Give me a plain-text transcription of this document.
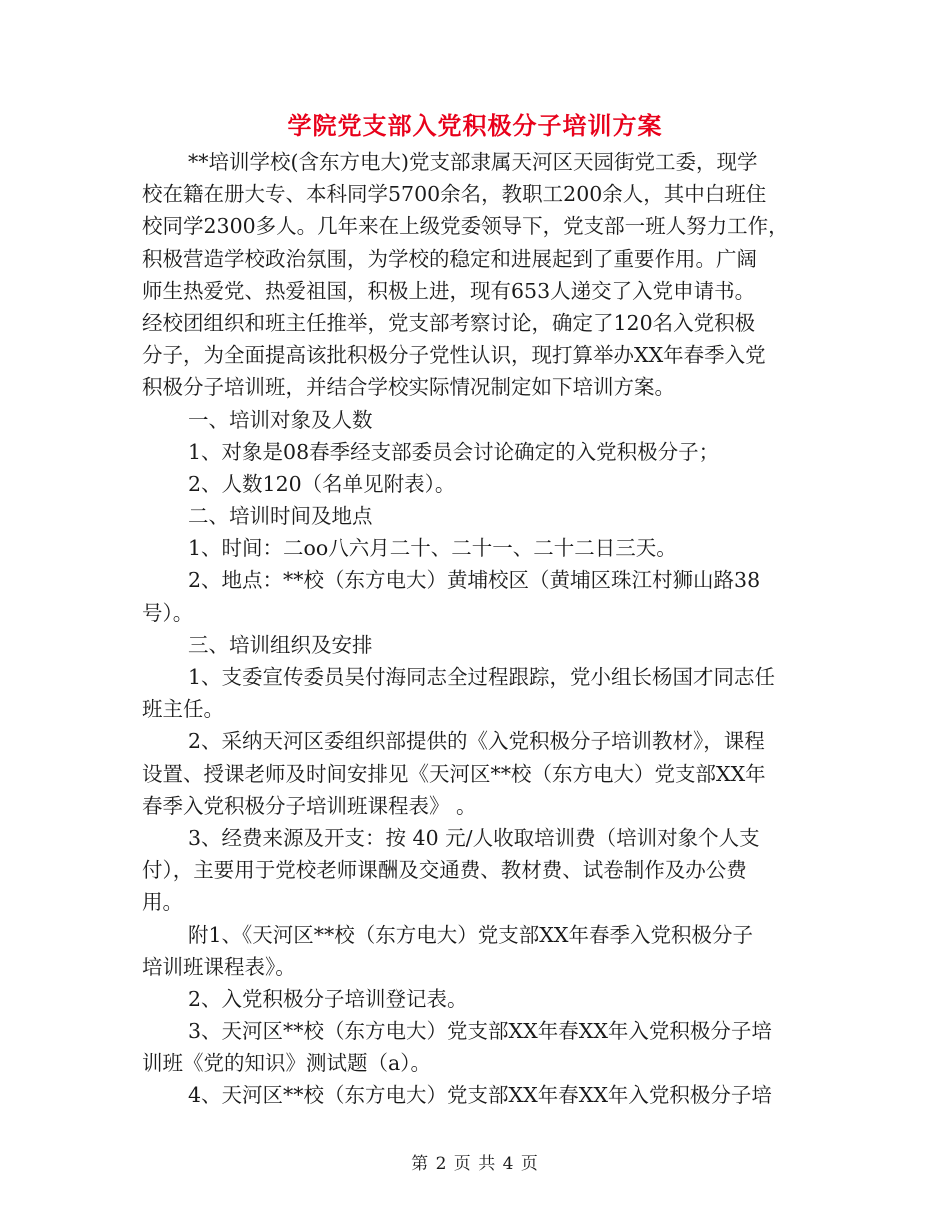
学院党支部入党积极分子培训方案
**培训学校(含东方电大)党支部隶属天河区天园街党工委，现学
校在籍在册大专、本科同学5700余名，教职工200余人，其中白班住
校同学2300多人。几年来在上级党委领导下，党支部一班人努力工作，
积极营造学校政治氛围，为学校的稳定和进展起到了重要作用。广阔
师生热爱党、热爱祖国，积极上进，现有653人递交了入党申请书。
经校团组织和班主任推举，党支部考察讨论，确定了120名入党积极
分子，为全面提高该批积极分子党性认识，现打算举办XX年春季入党
积极分子培训班，并结合学校实际情况制定如下培训方案。
一、培训对象及人数
1、对象是08春季经支部委员会讨论确定的入党积极分子；
2、人数120（名单见附表）。
二、培训时间及地点
1、时间：二oo八六月二十、二十一、二十二日三天。
2、地点：**校（东方电大）黄埔校区（黄埔区珠江村狮山路38
号）。
三、培训组织及安排
1、支委宣传委员吴付海同志全过程跟踪，党小组长杨国才同志任
班主任。
2、采纳天河区委组织部提供的《入党积极分子培训教材》，课程
设置、授课老师及时间安排见《天河区**校（东方电大）党支部XX年
春季入党积极分子培训班课程表》 。
3、经费来源及开支：按 40 元/人收取培训费（培训对象个人支
付），主要用于党校老师课酬及交通费、教材费、试卷制作及办公费
用。
附1、《天河区**校（东方电大）党支部XX年春季入党积极分子
培训班课程表》。
2、入党积极分子培训登记表。
3、天河区**校（东方电大）党支部XX年春XX年入党积极分子培
训班《党的知识》测试题（a）。
4、天河区**校（东方电大）党支部XX年春XX年入党积极分子培
第 2 页 共 4 页
